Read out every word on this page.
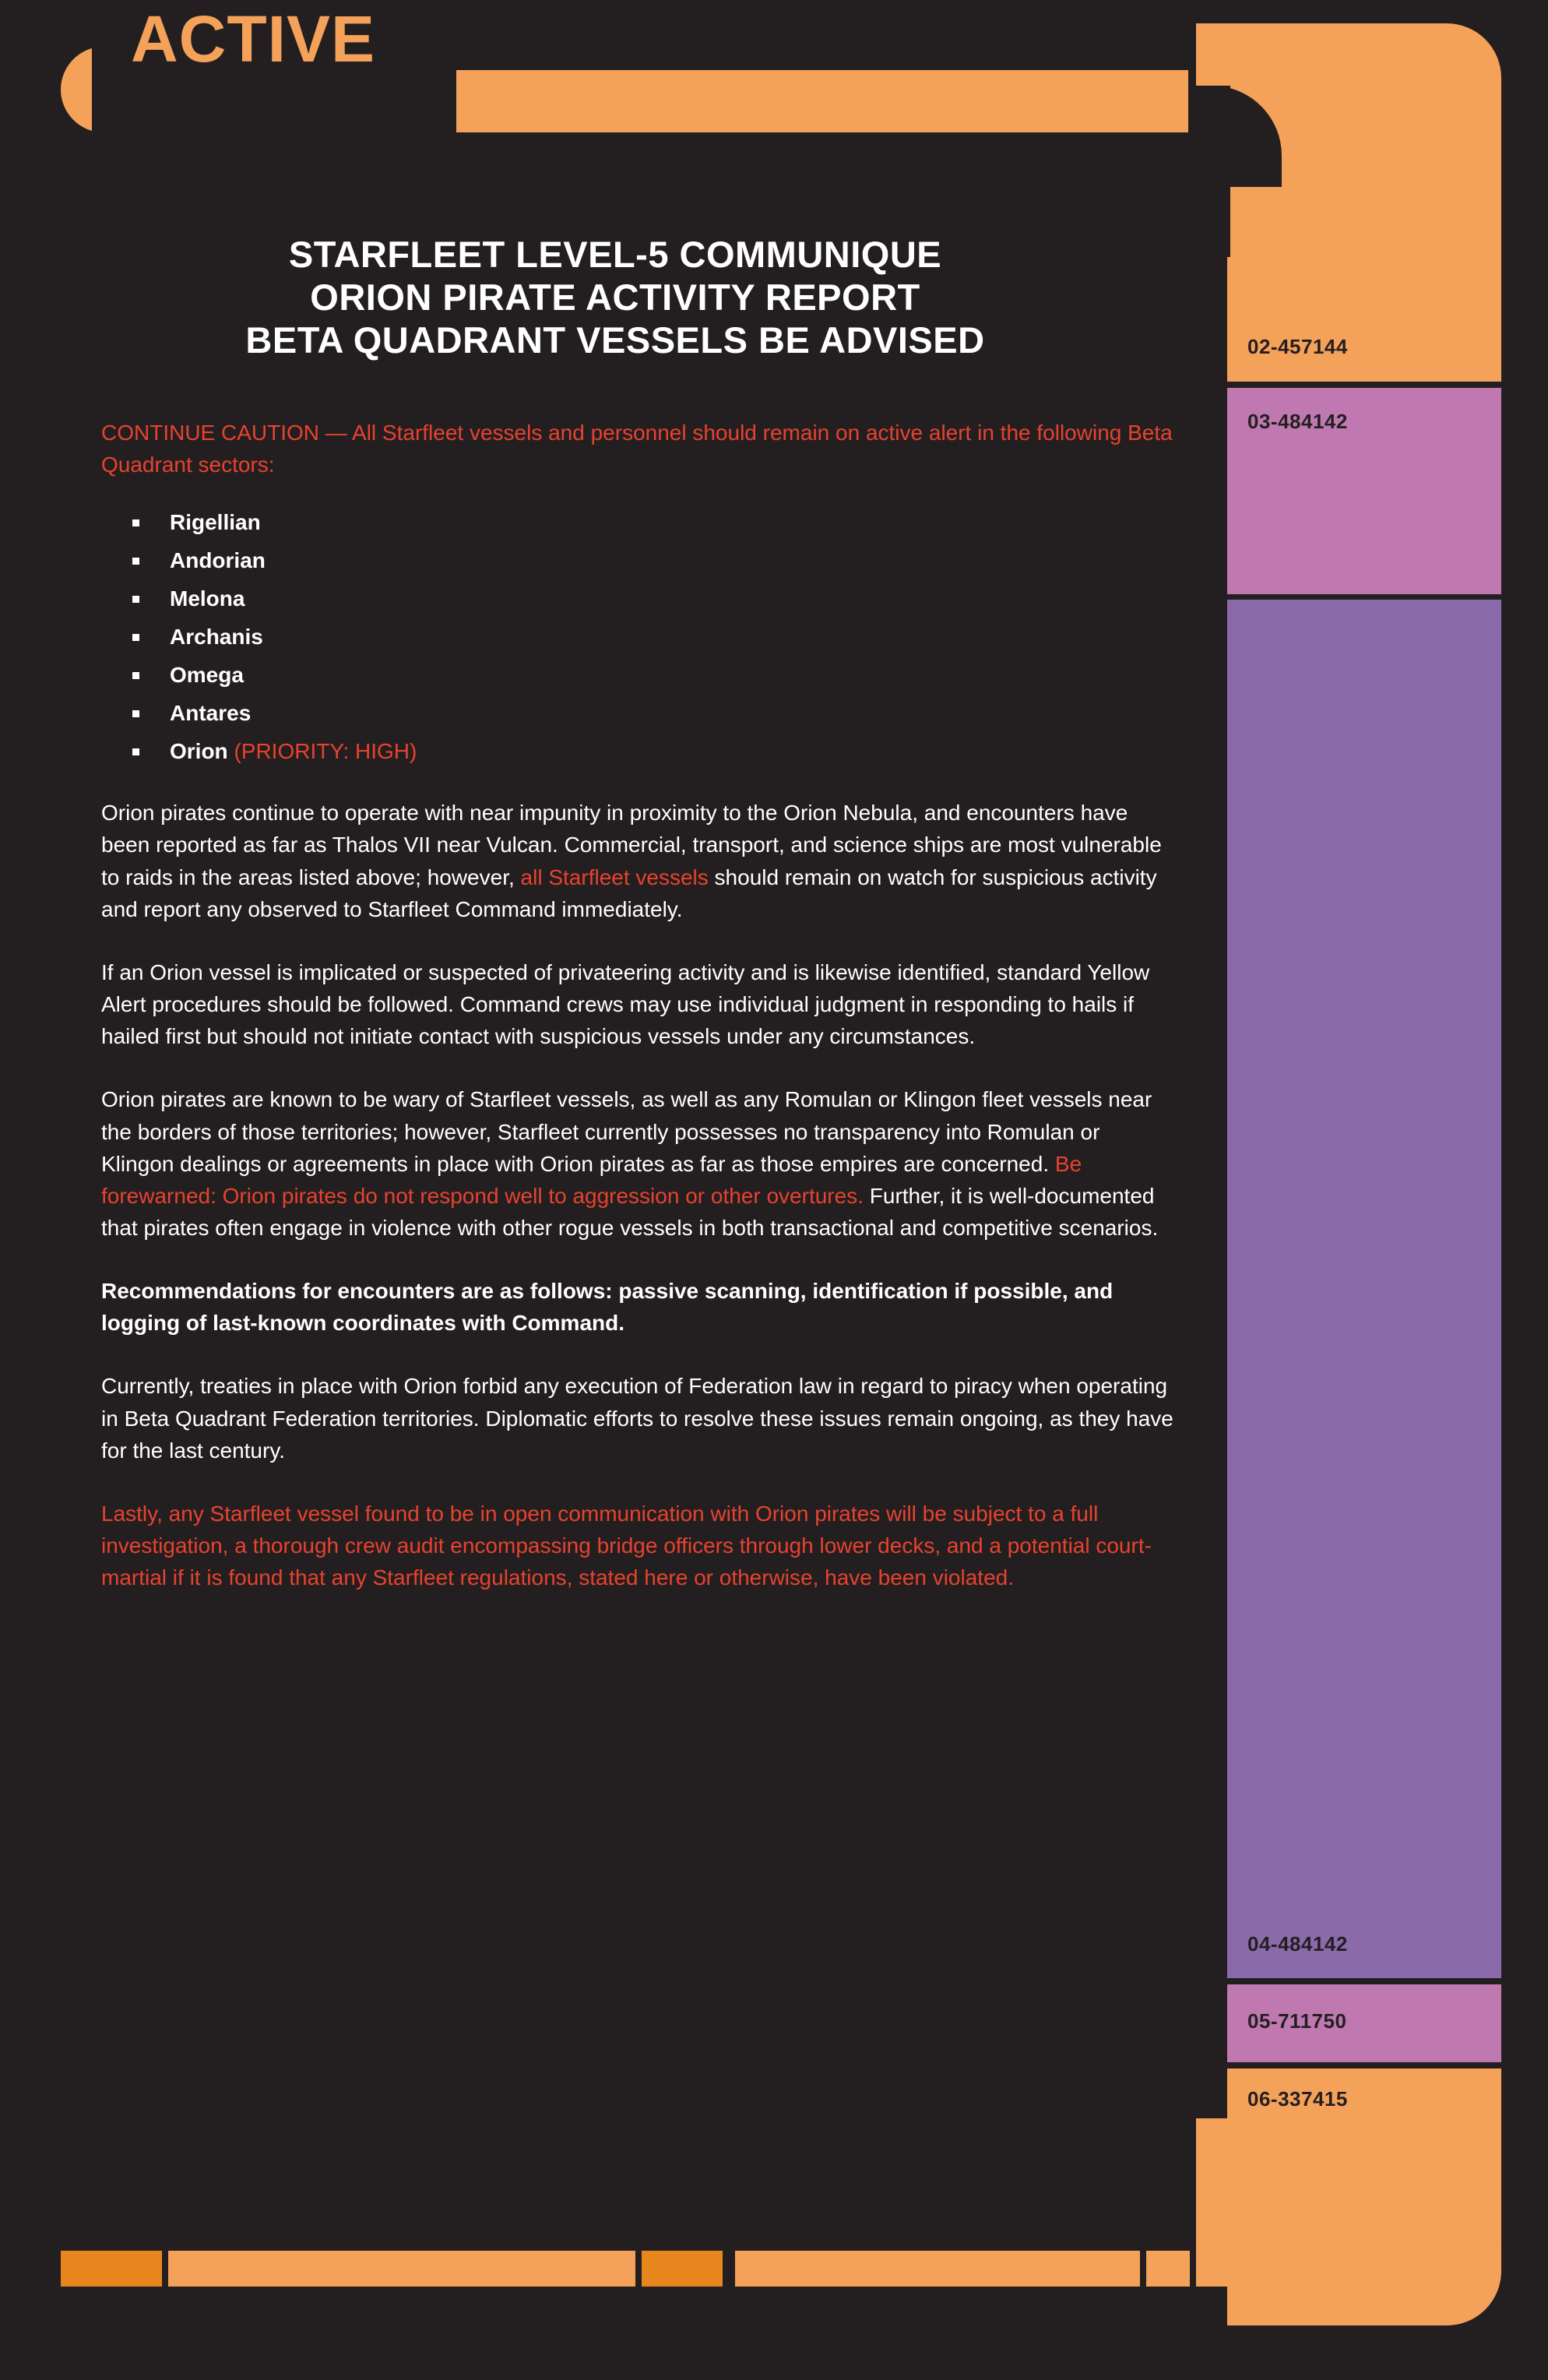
ACTIVE
02-457144
03-484142
04-484142
05-711750
06-337415
STARFLEET LEVEL-5 COMMUNIQUE
ORION PIRATE ACTIVITY REPORT
BETA QUADRANT VESSELS BE ADVISED

CONTINUE CAUTION — All Starfleet vessels and personnel should remain on active alert in the following Beta Quadrant sectors:

Rigellian
Andorian
Melona
Archanis
Omega
Antares
Orion (PRIORITY: HIGH)

Orion pirates continue to operate with near impunity in proximity to the Orion Nebula, and encounters have been reported as far as Thalos VII near Vulcan. Commercial, transport, and science ships are most vulnerable to raids in the areas listed above; however, all Starfleet vessels should remain on watch for suspicious activity and report any observed to Starfleet Command immediately.

If an Orion vessel is implicated or suspected of privateering activity and is likewise identified, standard Yellow Alert procedures should be followed. Command crews may use individual judgment in responding to hails if hailed first but should not initiate contact with suspicious vessels under any circumstances.

Orion pirates are known to be wary of Starfleet vessels, as well as any Romulan or Klingon fleet vessels near the borders of those territories; however, Starfleet currently possesses no transparency into Romulan or Klingon dealings or agreements in place with Orion pirates as far as those empires are concerned. Be forewarned: Orion pirates do not respond well to aggression or other overtures. Further, it is well-documented that pirates often engage in violence with other rogue vessels in both transactional and competitive scenarios.

Recommendations for encounters are as follows: passive scanning, identification if possible, and logging of last-known coordinates with Command.

Currently, treaties in place with Orion forbid any execution of Federation law in regard to piracy when operating in Beta Quadrant Federation territories. Diplomatic efforts to resolve these issues remain ongoing, as they have for the last century.

Lastly, any Starfleet vessel found to be in open communication with Orion pirates will be subject to a full investigation, a thorough crew audit encompassing bridge officers through lower decks, and a potential court-martial if it is found that any Starfleet regulations, stated here or otherwise, have been violated.
